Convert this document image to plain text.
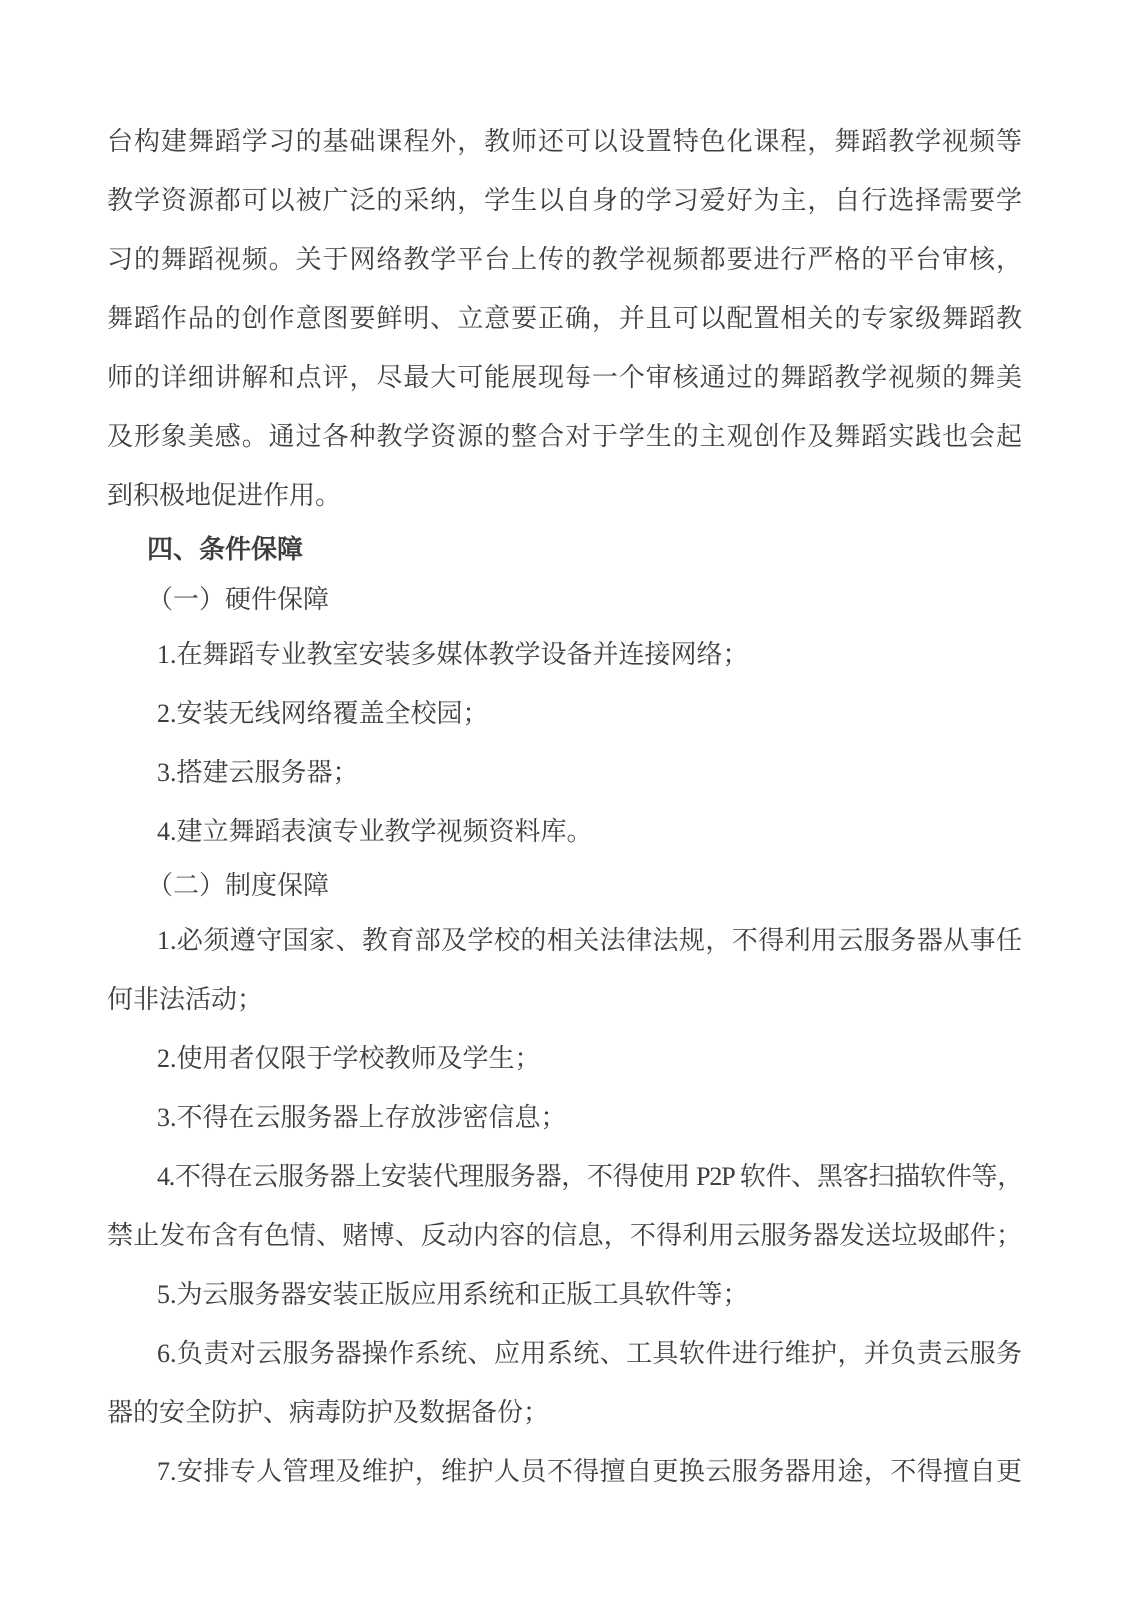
台构建舞蹈学习的基础课程外，教师还可以设置特色化课程，舞蹈教学视频等
教学资源都可以被广泛的采纳，学生以自身的学习爱好为主，自行选择需要学
习的舞蹈视频。关于网络教学平台上传的教学视频都要进行严格的平台审核，
舞蹈作品的创作意图要鲜明、立意要正确，并且可以配置相关的专家级舞蹈教
师的详细讲解和点评，尽最大可能展现每一个审核通过的舞蹈教学视频的舞美
及形象美感。通过各种教学资源的整合对于学生的主观创作及舞蹈实践也会起
到积极地促进作用。
四、条件保障
（一）硬件保障
1.在舞蹈专业教室安装多媒体教学设备并连接网络；
2.安装无线网络覆盖全校园；
3.搭建云服务器；
4.建立舞蹈表演专业教学视频资料库。
（二）制度保障
1.必须遵守国家、教育部及学校的相关法律法规，不得利用云服务器从事任
何非法活动；
2.使用者仅限于学校教师及学生；
3.不得在云服务器上存放涉密信息；
4.不得在云服务器上安装代理服务器，不得使用 P2P 软件、黑客扫描软件等，
禁止发布含有色情、赌博、反动内容的信息，不得利用云服务器发送垃圾邮件；
5.为云服务器安装正版应用系统和正版工具软件等；
6.负责对云服务器操作系统、应用系统、工具软件进行维护，并负责云服务
器的安全防护、病毒防护及数据备份；
7.安排专人管理及维护，维护人员不得擅自更换云服务器用途，不得擅自更
